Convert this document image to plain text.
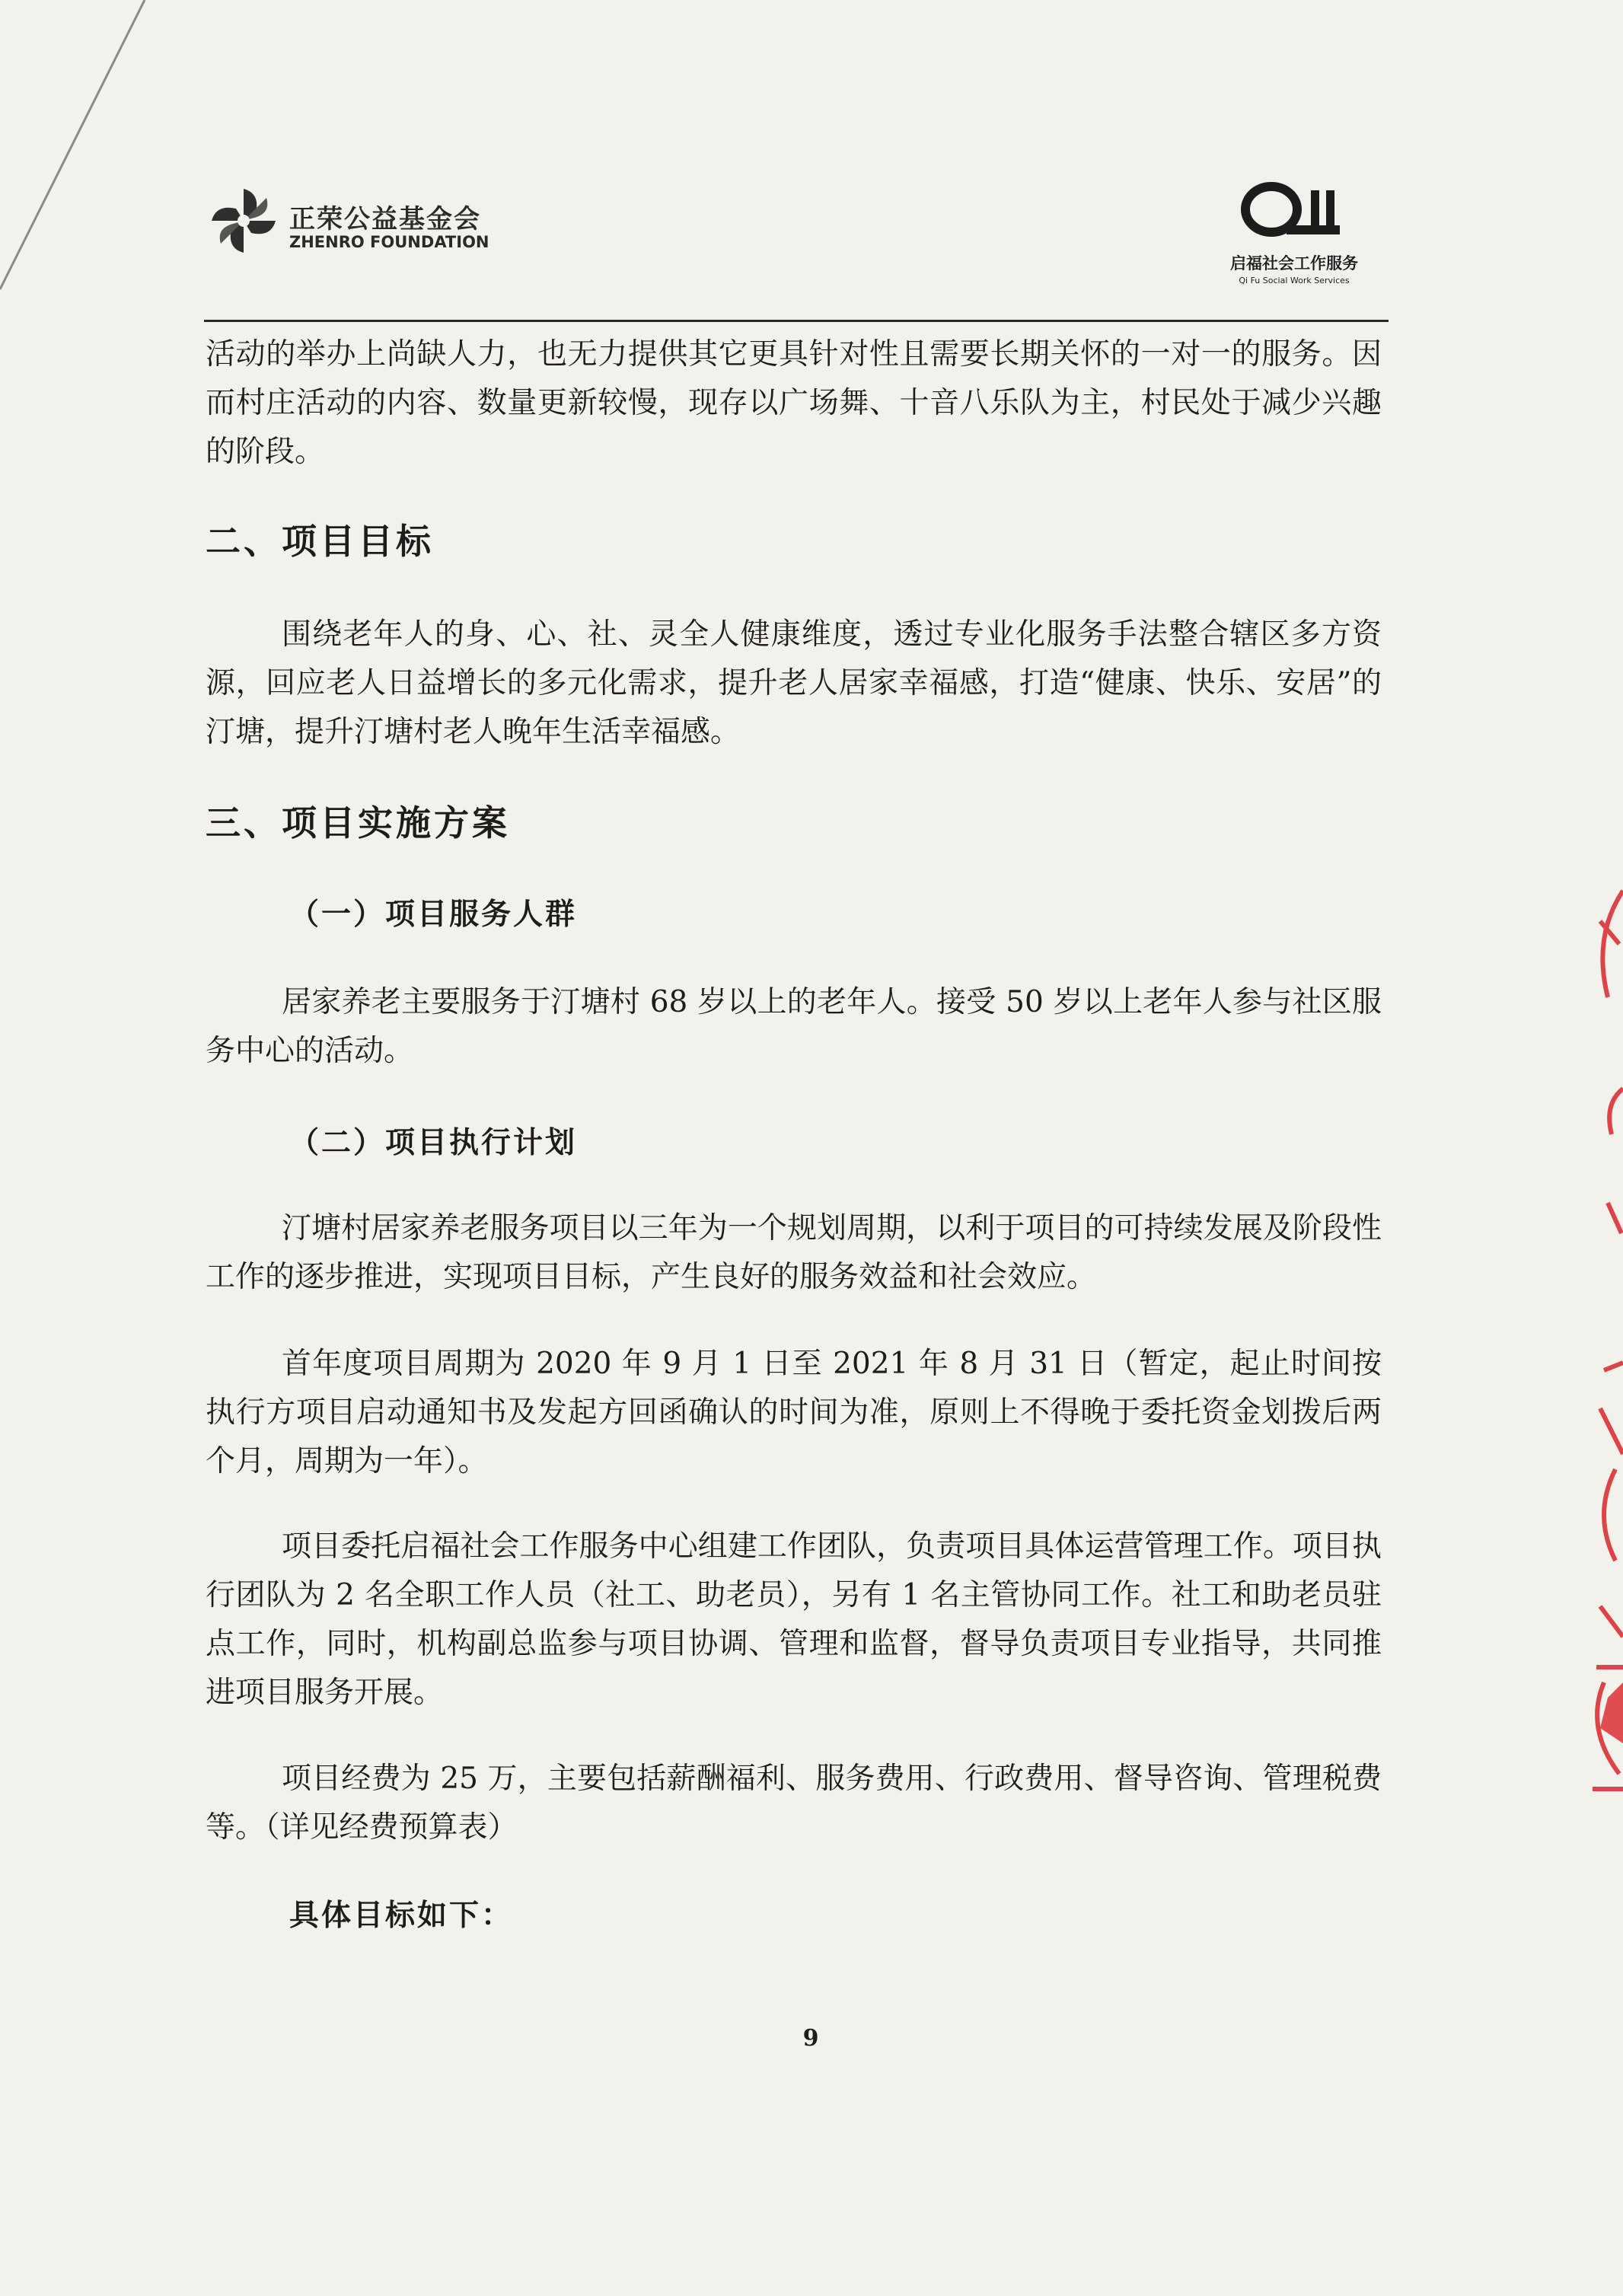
正荣公益基金会
ZHENRO FOUNDATION
启福社会工作服务
Qi Fu Social Work Services

活动的举办上尚缺人力，也无力提供其它更具针对性且需要长期关怀的一对一的服务。因而村庄活动的内容、数量更新较慢，现存以广场舞、十音八乐队为主，村民处于减少兴趣的阶段。

二、项目目标

围绕老年人的身、心、社、灵全人健康维度，透过专业化服务手法整合辖区多方资源，回应老人日益增长的多元化需求，提升老人居家幸福感，打造“健康、快乐、安居”的汀塘，提升汀塘村老人晚年生活幸福感。

三、项目实施方案
（一）项目服务人群

居家养老主要服务于汀塘村 68 岁以上的老年人。接受 50 岁以上老年人参与社区服务中心的活动。

（二）项目执行计划

汀塘村居家养老服务项目以三年为一个规划周期，以利于项目的可持续发展及阶段性工作的逐步推进，实现项目目标，产生良好的服务效益和社会效应。

首年度项目周期为 2020 年 9 月 1 日至 2021 年 8 月 31 日（暂定，起止时间按执行方项目启动通知书及发起方回函确认的时间为准，原则上不得晚于委托资金划拨后两个月，周期为一年）。

项目委托启福社会工作服务中心组建工作团队，负责项目具体运营管理工作。项目执行团队为 2 名全职工作人员（社工、助老员），另有 1 名主管协同工作。社工和助老员驻点工作，同时，机构副总监参与项目协调、管理和监督，督导负责项目专业指导，共同推进项目服务开展。

项目经费为 25 万，主要包括薪酬福利、服务费用、行政费用、督导咨询、管理税费等。（详见经费预算表）

具体目标如下：

9
